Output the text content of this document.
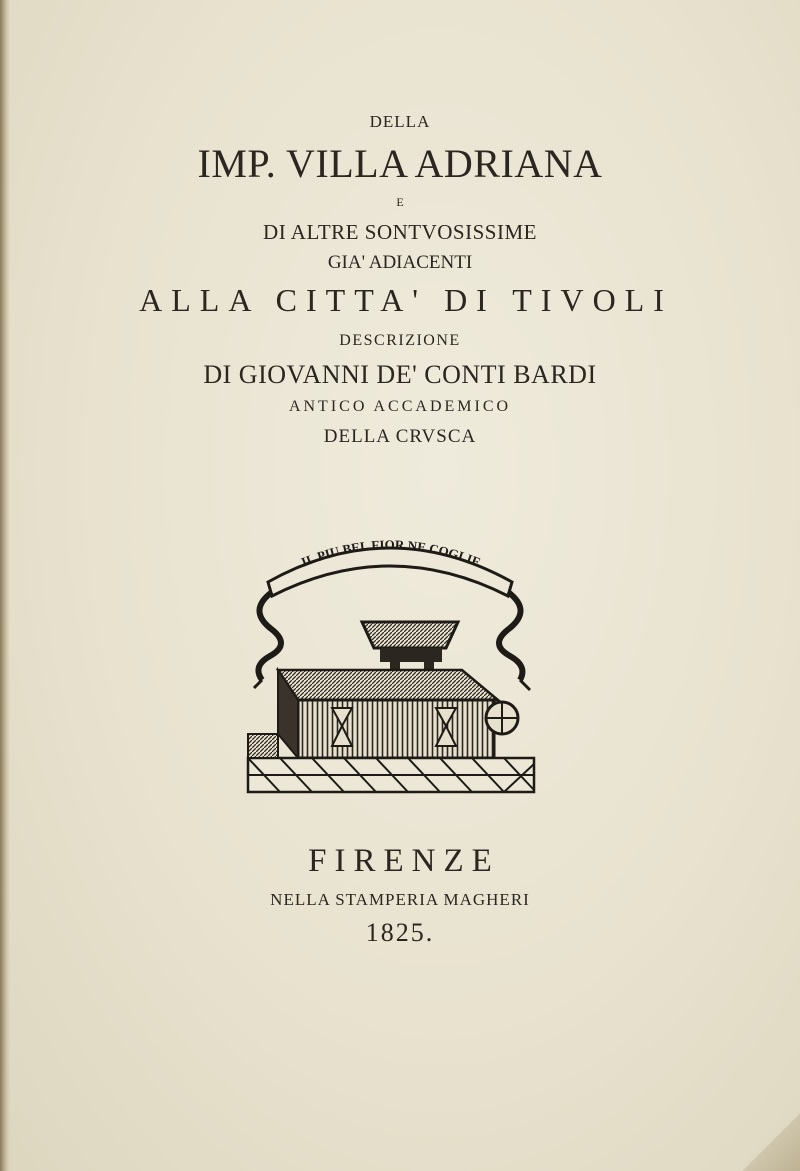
DELLA
IMP. VILLA ADRIANA
E
DI ALTRE SONTVOSISSIME
GIA' ADIACENTI
ALLA CITTA' DI TIVOLI
DESCRIZIONE
DI GIOVANNI DE' CONTI BARDI
ANTICO ACCADEMICO
DELLA CRVSCA
IL PIU BEL FIOR NE COGLIE
FIRENZE
NELLA STAMPERIA MAGHERI
1825.
